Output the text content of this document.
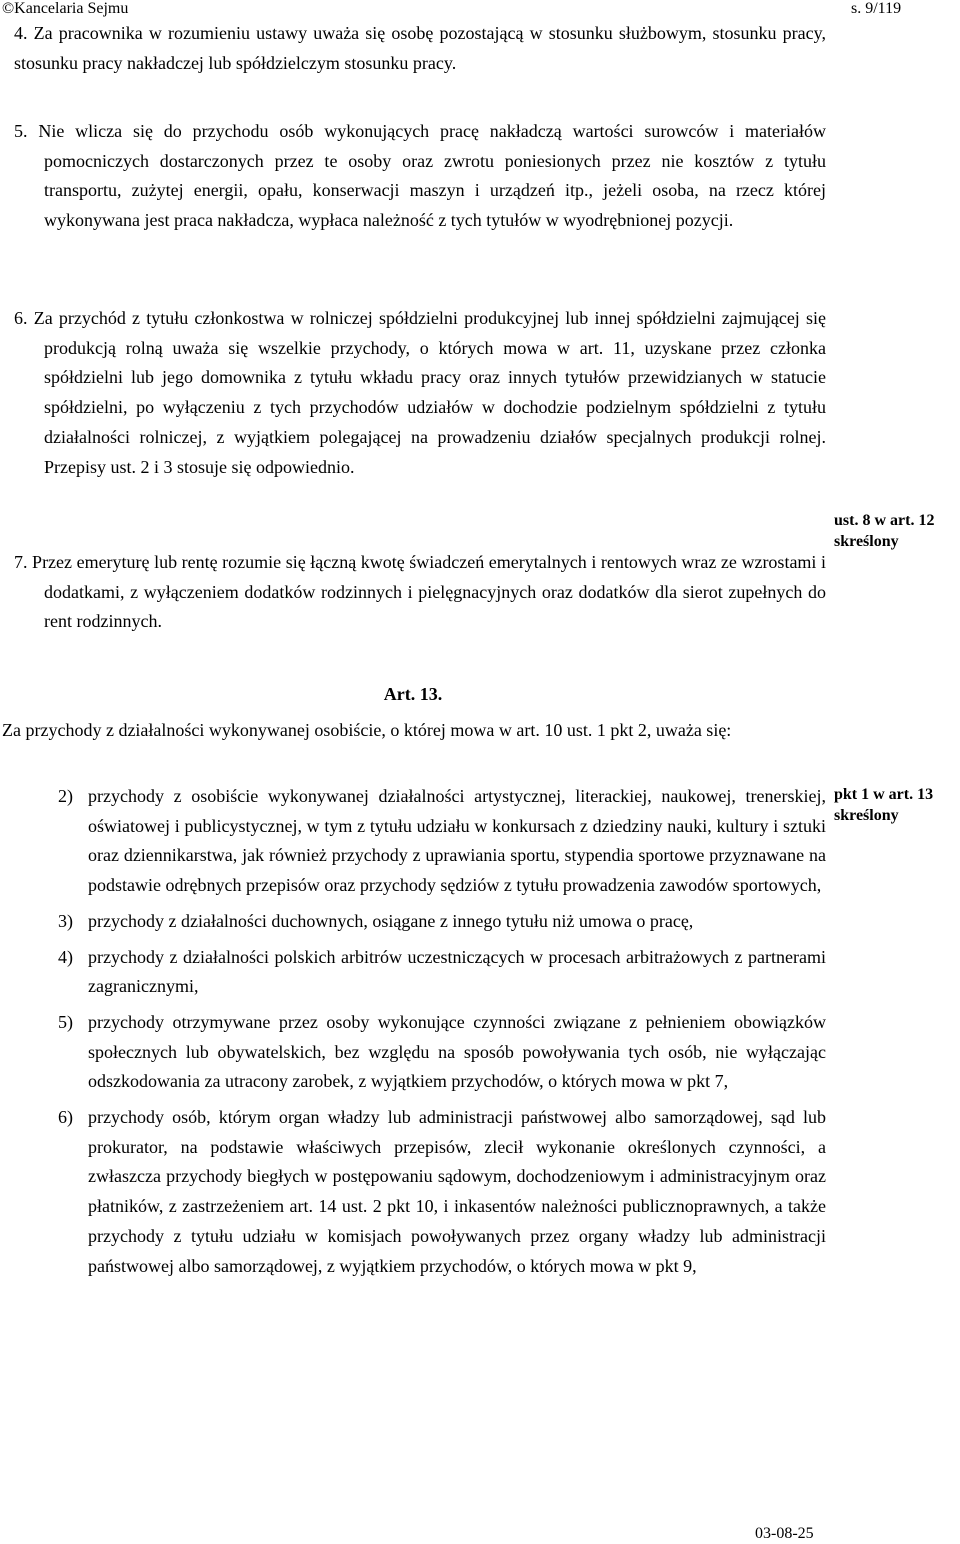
©Kancelaria Sejmu	s. 9/119
4. Za pracownika w rozumieniu ustawy uważa się osobę pozostającą w stosunku służbowym, stosunku pracy, stosunku pracy nakładczej lub spółdzielczym stosunku pracy.
5. Nie wlicza się do przychodu osób wykonujących pracę nakładczą wartości surowców i materiałów pomocniczych dostarczonych przez te osoby oraz zwrotu poniesionych przez nie kosztów z tytułu transportu, zużytej energii, opału, konserwacji maszyn i urządzeń itp., jeżeli osoba, na rzecz której wykonywana jest praca nakładcza, wypłaca należność z tych tytułów w wyodrębnionej pozycji.
6. Za przychód z tytułu członkostwa w rolniczej spółdzielni produkcyjnej lub innej spółdzielni zajmującej się produkcją rolną uważa się wszelkie przychody, o których mowa w art. 11, uzyskane przez członka spółdzielni lub jego domownika z tytułu wkładu pracy oraz innych tytułów przewidzianych w statucie spółdzielni, po wyłączeniu z tych przychodów udziałów w dochodzie podzielnym spółdzielni z tytułu działalności rolniczej, z wyjątkiem polegającej na prowadzeniu działów specjalnych produkcji rolnej. Przepisy ust. 2 i 3 stosuje się odpowiednio.
7. Przez emeryturę lub rentę rozumie się łączną kwotę świadczeń emerytalnych i rentowych wraz ze wzrostami i dodatkami, z wyłączeniem dodatków rodzinnych i pielęgnacyjnych oraz dodatków dla sierot zupełnych do rent rodzinnych.
ust. 8 w art. 12
skreślony
Art. 13.
Za przychody z działalności wykonywanej osobiście, o której mowa w art. 10 ust. 1 pkt 2, uważa się:
pkt 1 w art. 13
skreślony
2) przychody z osobiście wykonywanej działalności artystycznej, literackiej, naukowej, trenerskiej, oświatowej i publicystycznej, w tym z tytułu udziału w konkursach z dziedziny nauki, kultury i sztuki oraz dziennikarstwa, jak również przychody z uprawiania sportu, stypendia sportowe przyznawane na podstawie odrębnych przepisów oraz przychody sędziów z tytułu prowadzenia zawodów sportowych,
3) przychody z działalności duchownych, osiągane z innego tytułu niż umowa o pracę,
4) przychody z działalności polskich arbitrów uczestniczących w procesach arbitrażowych z partnerami zagranicznymi,
5) przychody otrzymywane przez osoby wykonujące czynności związane z pełnieniem obowiązków społecznych lub obywatelskich, bez względu na sposób powoływania tych osób, nie wyłączając odszkodowania za utracony zarobek, z wyjątkiem przychodów, o których mowa w pkt 7,
6) przychody osób, którym organ władzy lub administracji państwowej albo samorządowej, sąd lub prokurator, na podstawie właściwych przepisów, zlecił wykonanie określonych czynności, a zwłaszcza przychody biegłych w postępowaniu sądowym, dochodzeniowym i administracyjnym oraz płatników, z zastrzeżeniem art. 14 ust. 2 pkt 10, i inkasentów należności publicznoprawnych, a także przychody z tytułu udziału w komisjach powoływanych przez organy władzy lub administracji państwowej albo samorządowej, z wyjątkiem przychodów, o których mowa w pkt 9,
03-08-25
